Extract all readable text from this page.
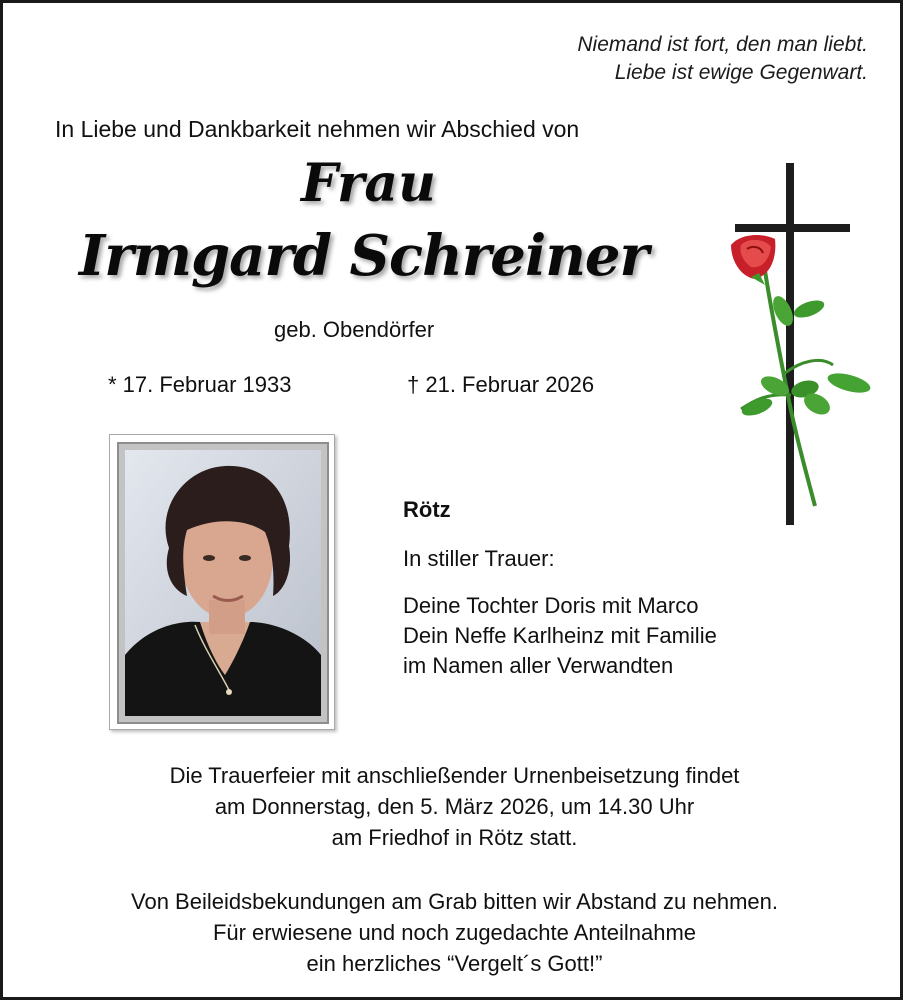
Niemand ist fort, den man liebt.
Liebe ist ewige Gegenwart.
In Liebe und Dankbarkeit nehmen wir Abschied von
Frau
Irmgard Schreiner
geb. Obendörfer
* 17. Februar 1933	† 21. Februar 2026
Rötz
In stiller Trauer:
Deine Tochter Doris mit Marco
Dein Neffe Karlheinz mit Familie
im Namen aller Verwandten
Die Trauerfeier mit anschließender Urnenbeisetzung findet
am Donnerstag, den 5. März 2026, um 14.30 Uhr
am Friedhof in Rötz statt.
Von Beileidsbekundungen am Grab bitten wir Abstand zu nehmen.
Für erwiesene und noch zugedachte Anteilnahme
ein herzliches “Vergelt´s Gott!”
